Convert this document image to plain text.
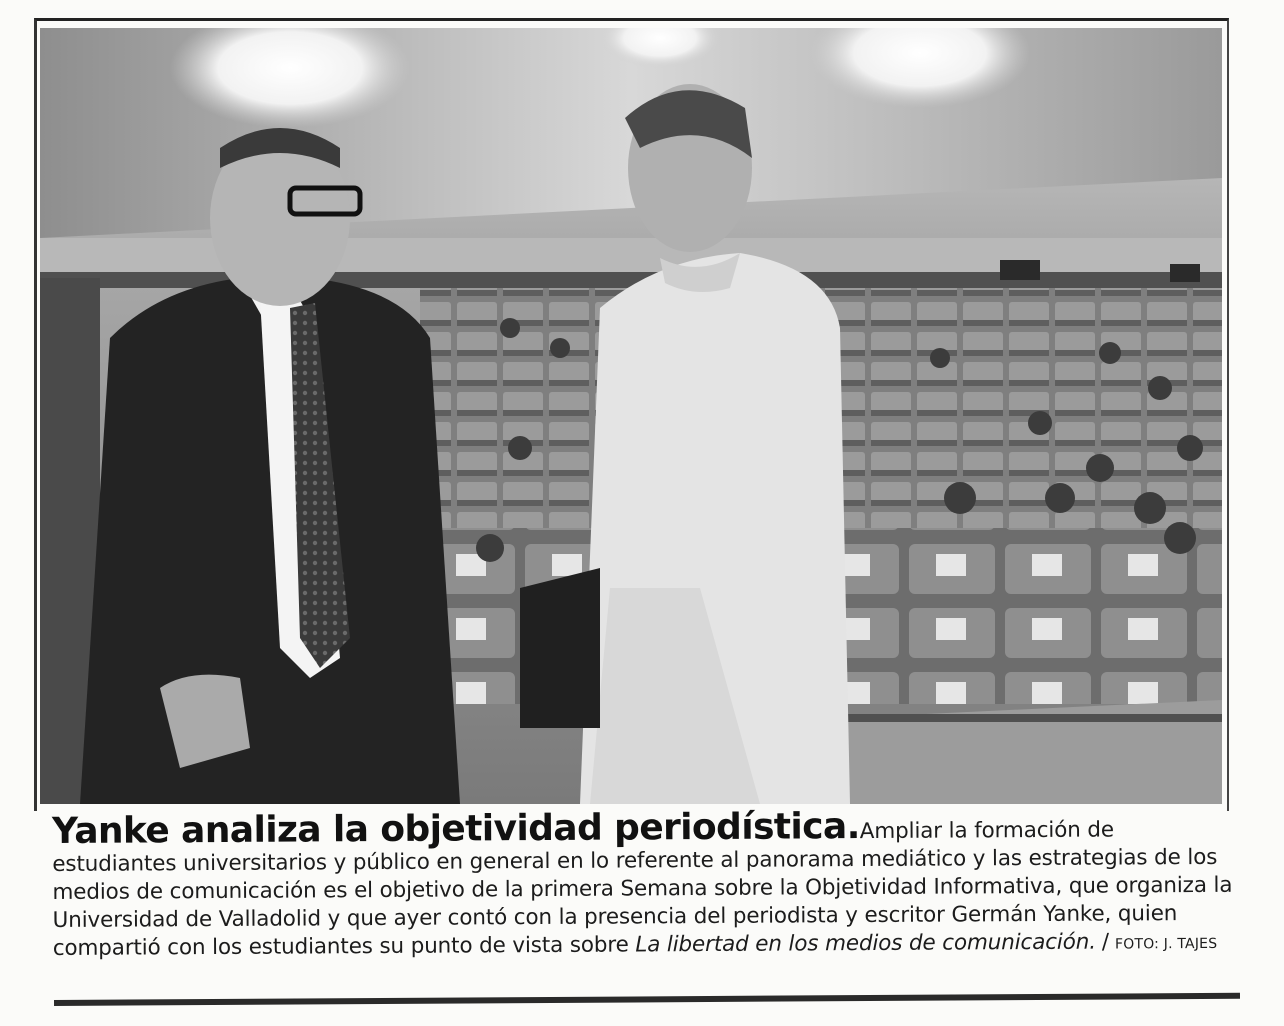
Yanke analiza la objetividad periodística.Ampliar la formación de estudiantes universitarios y público en general en lo referente al panorama mediático y las estrategias de los medios de comunicación es el objetivo de la primera Semana sobre la Objetividad Informativa, que organiza la Universidad de Valladolid y que ayer contó con la presencia del periodista y escritor Germán Yanke, quien compartió con los estudiantes su punto de vista sobre La libertad en los medios de comunicación. / FOTO: J. TAJES
